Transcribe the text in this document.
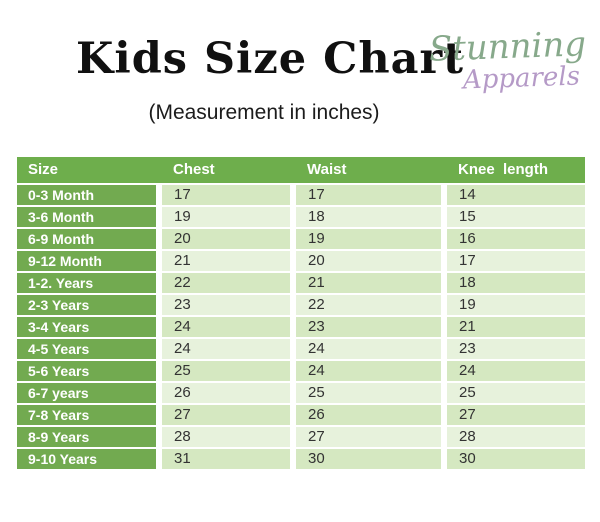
Kids Size Chart
Stunning
Apparels
(Measurement in inches)
Size	Chest	Waist	Knee  length
0-3 Month	17	17	14
3-6 Month	19	18	15
6-9 Month	20	19	16
9-12 Month	21	20	17
1-2. Years	22	21	18
2-3 Years	23	22	19
3-4 Years	24	23	21
4-5 Years	24	24	23
5-6 Years	25	24	24
6-7 years	26	25	25
7-8 Years	27	26	27
8-9 Years	28	27	28
9-10 Years	31	30	30
